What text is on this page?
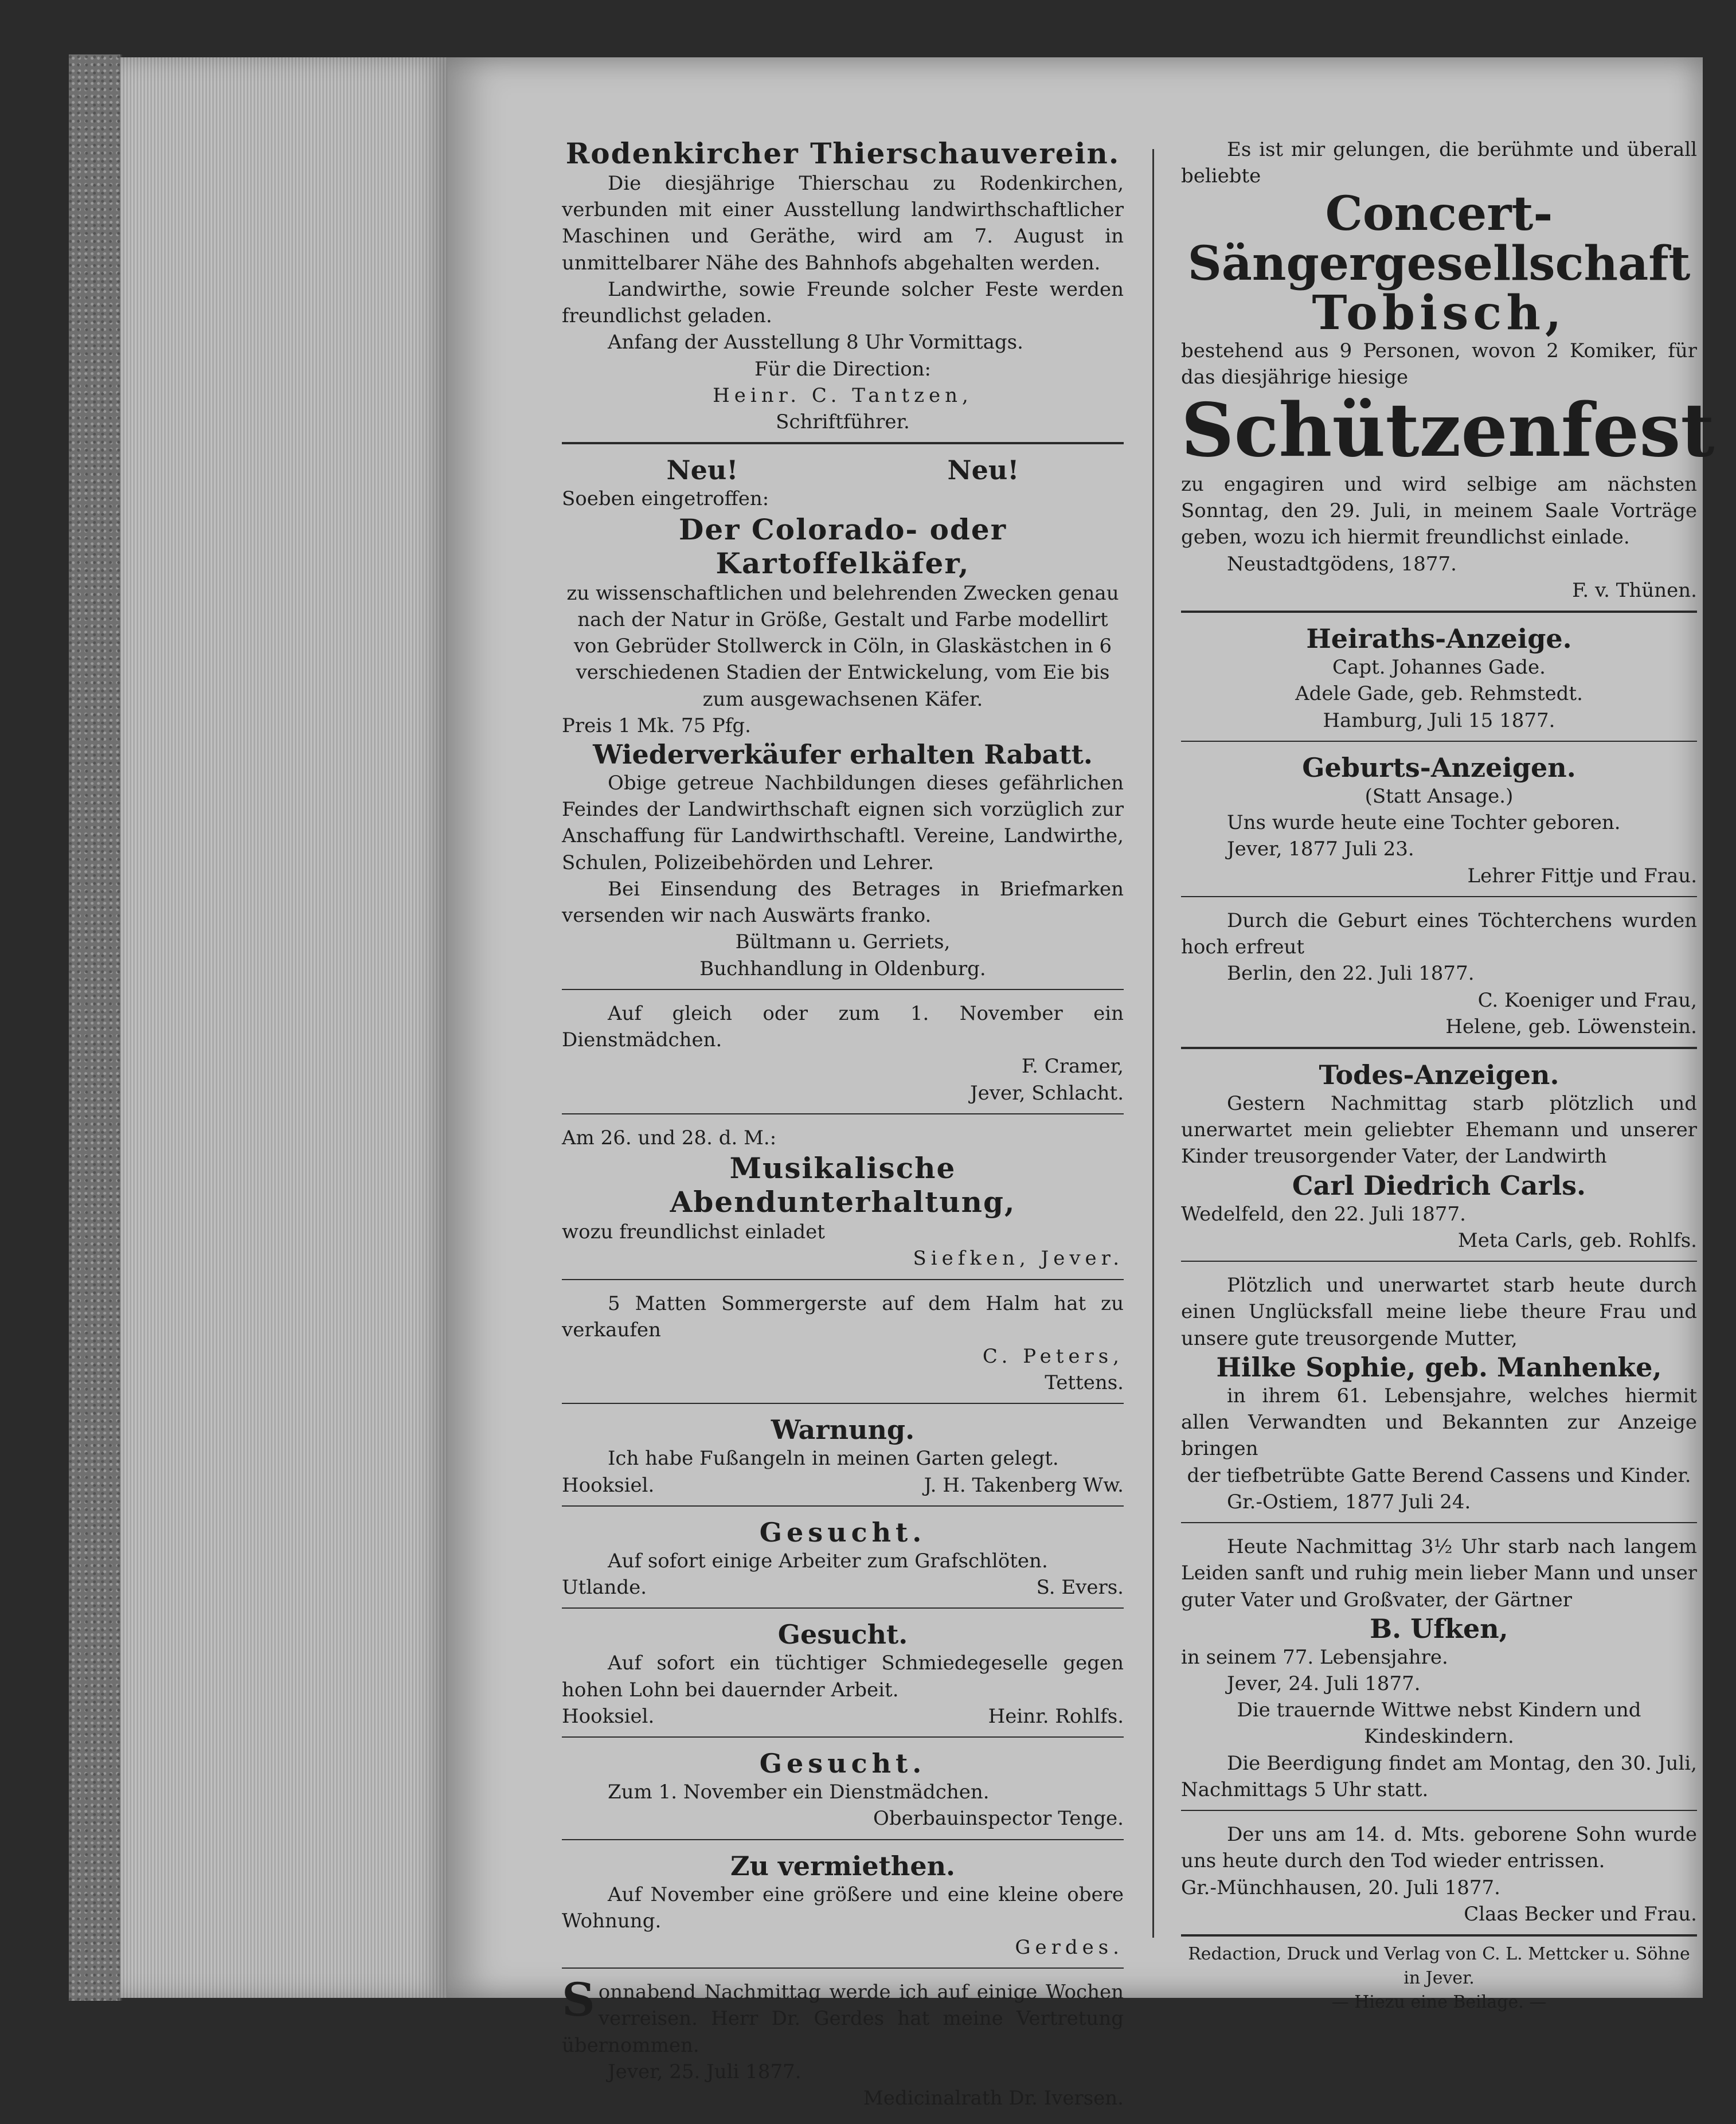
Rodenkircher Thierschauverein.
Die diesjährige Thierschau zu Rodenkirchen, verbunden mit einer Ausstellung landwirthschaftlicher Maschinen und Geräthe, wird am 7. August in unmittelbarer Nähe des Bahnhofs abgehalten werden.
Landwirthe, sowie Freunde solcher Feste werden freundlichst geladen.
Anfang der Ausstellung 8 Uhr Vormittags.
Für die Direction:
Heinr. C. Tantzen,
Schriftführer.
Neu!	Neu!
Soeben eingetroffen:
Der Colorado- oder Kartoffelkäfer,
zu wissenschaftlichen und belehrenden Zwecken genau nach der Natur in Größe, Gestalt und Farbe modellirt von Gebrüder Stollwerck in Cöln, in Glaskästchen in 6 verschiedenen Stadien der Entwickelung, vom Eie bis zum ausgewachsenen Käfer.
Preis 1 Mk. 75 Pfg.
Wiederverkäufer erhalten Rabatt.
Obige getreue Nachbildungen dieses gefährlichen Feindes der Landwirthschaft eignen sich vorzüglich zur Anschaffung für Landwirthschaftl. Vereine, Landwirthe, Schulen, Polizeibehörden und Lehrer.
Bei Einsendung des Betrages in Briefmarken versenden wir nach Auswärts franko.
Bültmann u. Gerriets,
Buchhandlung in Oldenburg.
Auf gleich oder zum 1. November ein Dienstmädchen.
F. Cramer,
Jever, Schlacht.
Am 26. und 28. d. M.:
Musikalische Abendunterhaltung,
wozu freundlichst einladet
Siefken, Jever.
5 Matten Sommergerste auf dem Halm hat zu verkaufen
C. Peters,
Tettens.
Warnung.
Ich habe Fußangeln in meinen Garten gelegt.
Hooksiel.	J. H. Takenberg Ww.
Gesucht.
Auf sofort einige Arbeiter zum Grafschlöten.
Utlande.	S. Evers.
Gesucht.
Auf sofort ein tüchtiger Schmiedegeselle gegen hohen Lohn bei dauernder Arbeit.
Hooksiel.	Heinr. Rohlfs.
Gesucht.
Zum 1. November ein Dienstmädchen.
Oberbauinspector Tenge.
Zu vermiethen.
Auf November eine größere und eine kleine obere Wohnung.
Gerdes.
S onnabend Nachmittag werde ich auf einige Wochen verreisen. Herr Dr. Gerdes hat meine Vertretung übernommen.
Jever, 25. Juli 1877.
Medicinalrath Dr. Iversen.
Es ist mir gelungen, die berühmte und überall beliebte
Concert-Sängergesellschaft
Tobisch,
bestehend aus 9 Personen, wovon 2 Komiker, für das diesjährige hiesige
Schützenfest
zu engagiren und wird selbige am nächsten Sonntag, den 29. Juli, in meinem Saale Vorträge geben, wozu ich hiermit freundlichst einlade.
Neustadtgödens, 1877.
F. v. Thünen.
Heiraths-Anzeige.
Capt. Johannes Gade.
Adele Gade, geb. Rehmstedt.
Hamburg, Juli 15 1877.
Geburts-Anzeigen.
(Statt Ansage.)
Uns wurde heute eine Tochter geboren.
Jever, 1877 Juli 23.
Lehrer Fittje und Frau.
Durch die Geburt eines Töchterchens wurden hoch erfreut
Berlin, den 22. Juli 1877.
C. Koeniger und Frau,
Helene, geb. Löwenstein.
Todes-Anzeigen.
Gestern Nachmittag starb plötzlich und unerwartet mein geliebter Ehemann und unserer Kinder treusorgender Vater, der Landwirth
Carl Diedrich Carls.
Wedelfeld, den 22. Juli 1877.
Meta Carls, geb. Rohlfs.
Plötzlich und unerwartet starb heute durch einen Unglücksfall meine liebe theure Frau und unsere gute treusorgende Mutter,
Hilke Sophie, geb. Manhenke,
in ihrem 61. Lebensjahre, welches hiermit allen Verwandten und Bekannten zur Anzeige bringen
der tiefbetrübte Gatte Berend Cassens und Kinder.
Gr.-Ostiem, 1877 Juli 24.
Heute Nachmittag 3½ Uhr starb nach langem Leiden sanft und ruhig mein lieber Mann und unser guter Vater und Großvater, der Gärtner
B. Ufken,
in seinem 77. Lebensjahre.
Jever, 24. Juli 1877.
Die trauernde Wittwe nebst Kindern und Kindeskindern.
Die Beerdigung findet am Montag, den 30. Juli, Nachmittags 5 Uhr statt.
Der uns am 14. d. Mts. geborene Sohn wurde uns heute durch den Tod wieder entrissen.
Gr.-Münchhausen, 20. Juli 1877.
Claas Becker und Frau.
Redaction, Druck und Verlag von C. L. Mettcker u. Söhne in Jever.
— Hiezu eine Beilage. —
